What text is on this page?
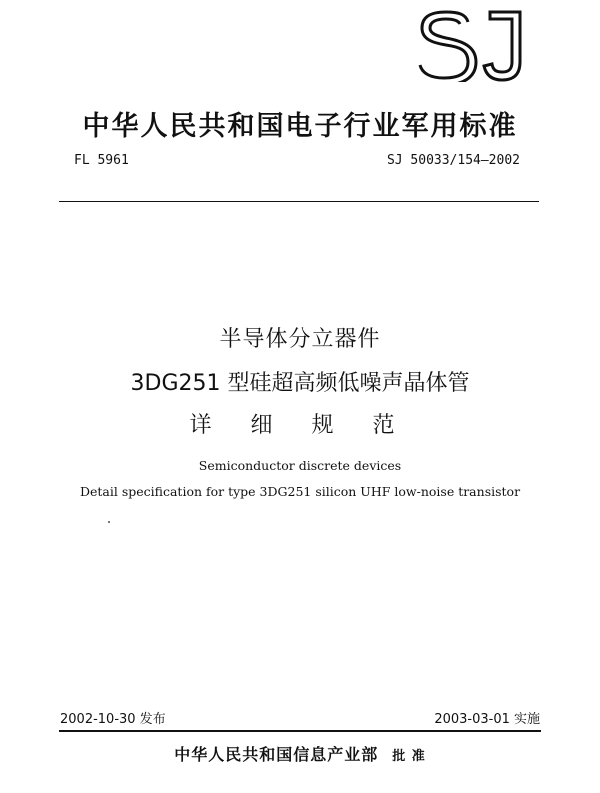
中华人民共和国电子行业军用标准
FL 5961	SJ 50033/154—2002
半导体分立器件
3DG251 型硅超高频低噪声晶体管
详 细 规 范
Semiconductor discrete devices
Detail specification for type 3DG251 silicon UHF low-noise transistor
2002-10-30 发布	2003-03-01 实施
中华人民共和国信息产业部 批 准
